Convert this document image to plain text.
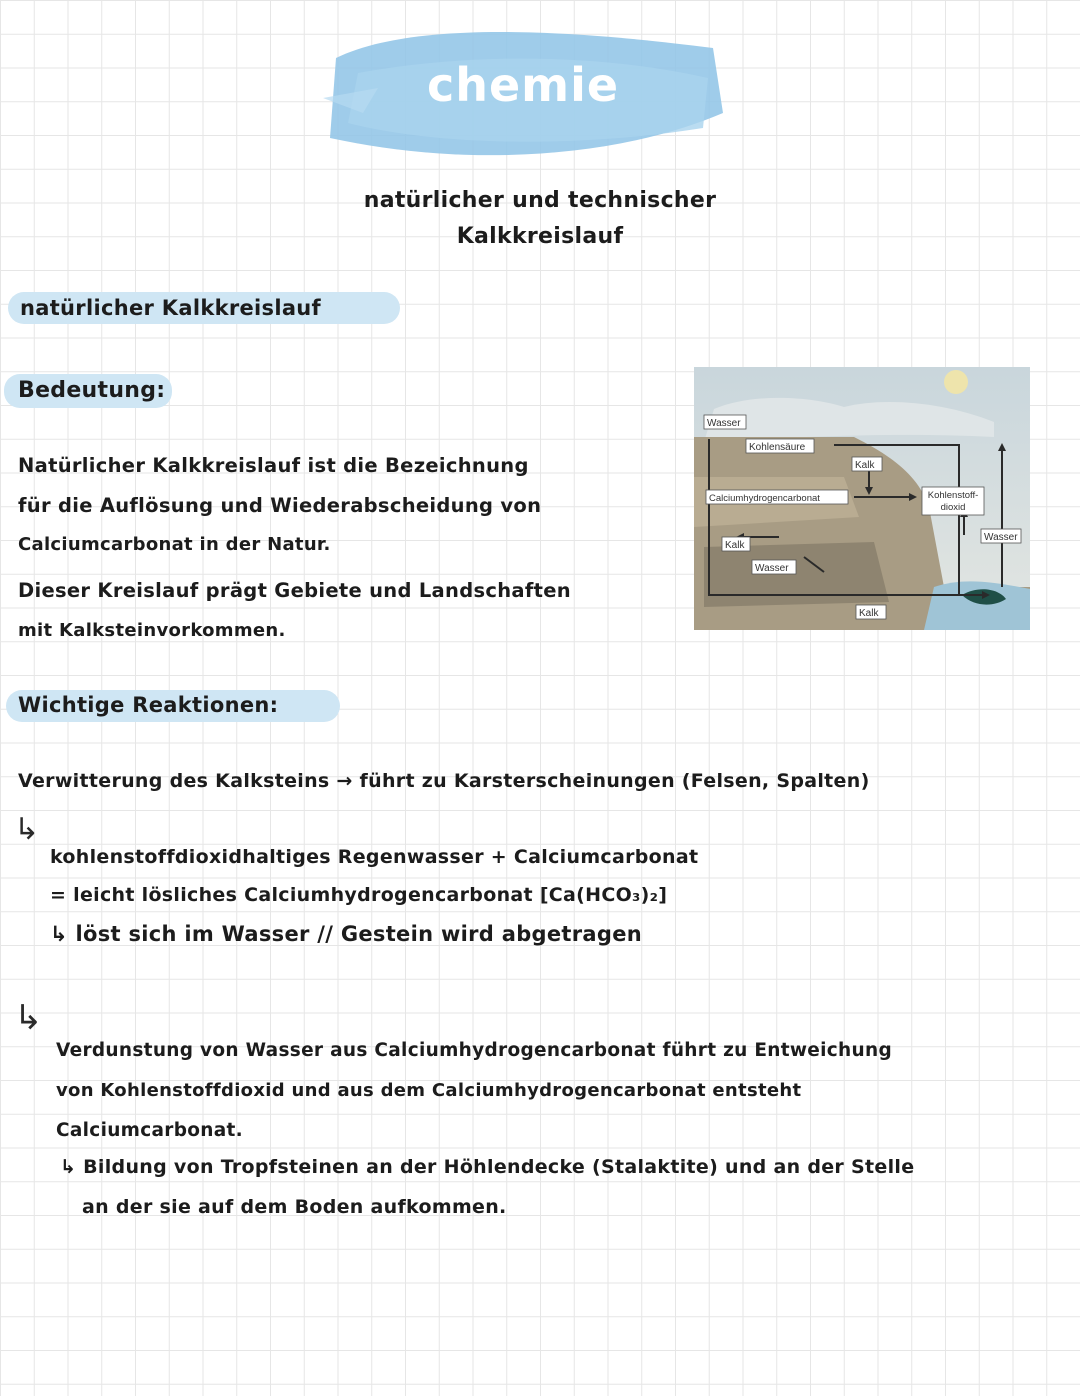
chemie
natürlicher und technischer
Kalkkreislauf
natürlicher Kalkkreislauf
Bedeutung:
Natürlicher Kalkkreislauf ist die Bezeichnung
für die Auflösung und Wiederabscheidung von
Calciumcarbonat in der Natur.
Dieser Kreislauf prägt Gebiete und Landschaften
mit Kalksteinvorkommen.
Wasser
Kohlensäure
Kalk
Calciumhydrogencarbonat	Kohlenstoff-
dioxid
Wasser
Kalk
Wasser
Kalk
Wichtige Reaktionen:
Verwitterung des Kalksteins → führt zu Karsterscheinungen (Felsen, Spalten)
↳
kohlenstoffdioxidhaltiges Regenwasser + Calciumcarbonat
= leicht lösliches Calciumhydrogencarbonat [Ca(HCO₃)₂]
↳ löst sich im Wasser // Gestein wird abgetragen
↳
Verdunstung von Wasser aus Calciumhydrogencarbonat führt zu Entweichung
von Kohlenstoffdioxid und aus dem Calciumhydrogencarbonat entsteht
Calciumcarbonat.
↳ Bildung von Tropfsteinen an der Höhlendecke (Stalaktite) und an der Stelle
an der sie auf dem Boden aufkommen.
